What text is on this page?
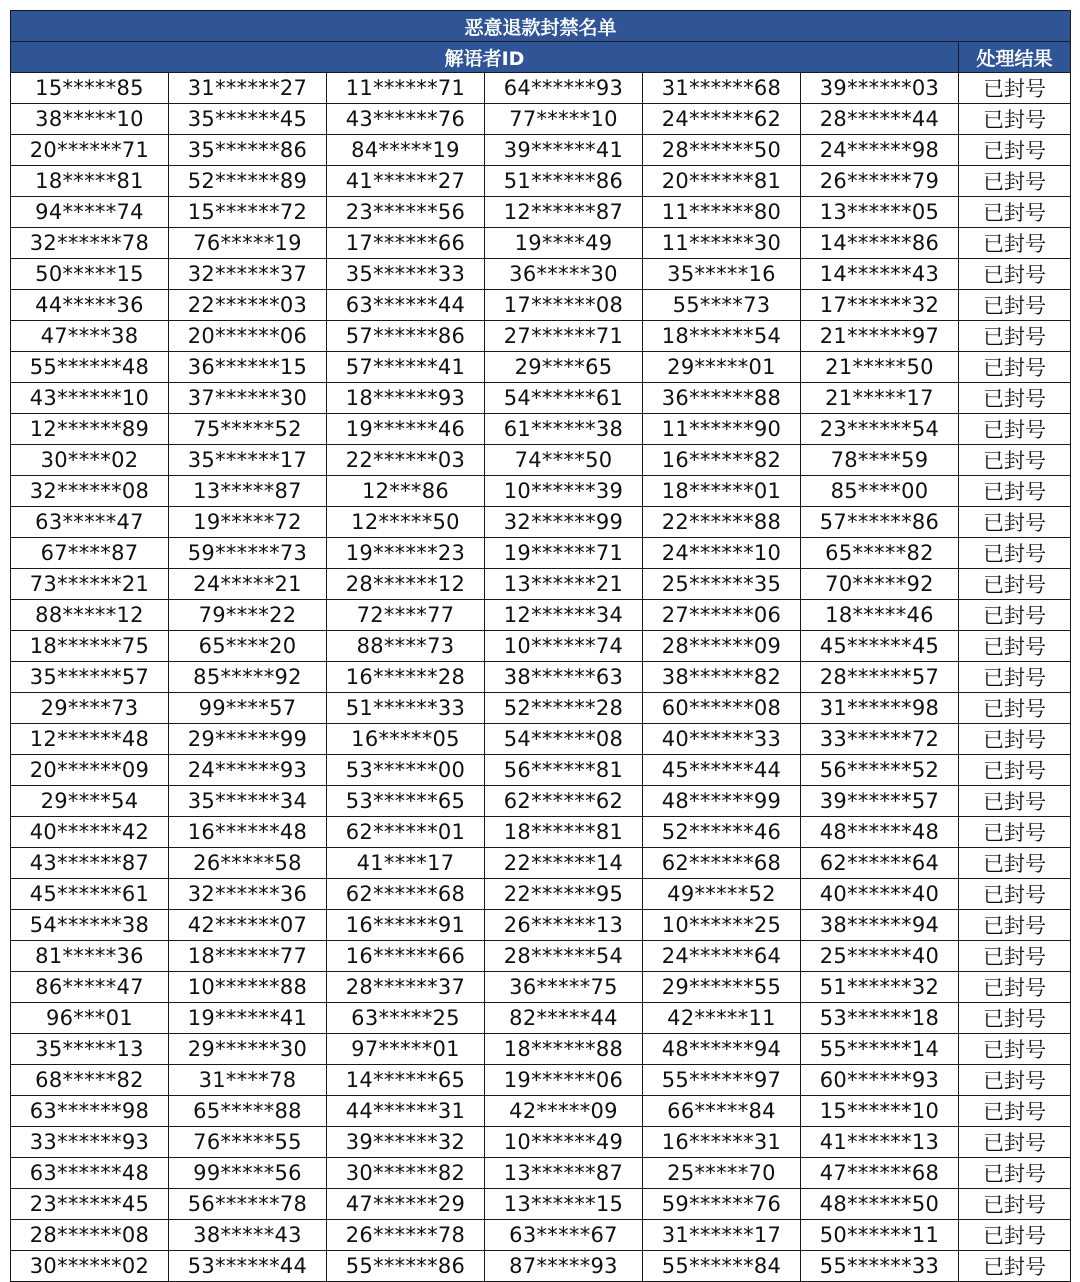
恶意退款封禁名单						
解语者ID						处理结果
15*****85	31******27	11******71	64******93	31******68	39******03	已封号
38*****10	35******45	43******76	77*****10	24******62	28******44	已封号
20******71	35******86	84*****19	39******41	28******50	24******98	已封号
18*****81	52******89	41******27	51******86	20******81	26******79	已封号
94*****74	15******72	23******56	12******87	11******80	13******05	已封号
32******78	76*****19	17******66	19****49	11******30	14******86	已封号
50*****15	32******37	35******33	36*****30	35*****16	14******43	已封号
44*****36	22******03	63******44	17******08	55****73	17******32	已封号
47****38	20******06	57******86	27******71	18******54	21******97	已封号
55******48	36******15	57******41	29****65	29*****01	21*****50	已封号
43******10	37******30	18******93	54******61	36******88	21*****17	已封号
12******89	75*****52	19******46	61******38	11******90	23******54	已封号
30****02	35******17	22******03	74****50	16******82	78****59	已封号
32******08	13*****87	12***86	10******39	18******01	85****00	已封号
63*****47	19*****72	12*****50	32******99	22******88	57******86	已封号
67****87	59******73	19******23	19******71	24******10	65*****82	已封号
73******21	24*****21	28******12	13******21	25******35	70*****92	已封号
88*****12	79****22	72****77	12******34	27******06	18*****46	已封号
18******75	65****20	88****73	10******74	28******09	45******45	已封号
35******57	85*****92	16******28	38******63	38******82	28******57	已封号
29****73	99****57	51******33	52******28	60******08	31******98	已封号
12******48	29******99	16*****05	54******08	40******33	33******72	已封号
20******09	24******93	53******00	56******81	45******44	56******52	已封号
29****54	35******34	53******65	62******62	48******99	39******57	已封号
40******42	16******48	62******01	18******81	52******46	48******48	已封号
43******87	26*****58	41****17	22******14	62******68	62******64	已封号
45******61	32******36	62******68	22******95	49*****52	40******40	已封号
54******38	42******07	16******91	26******13	10******25	38******94	已封号
81*****36	18******77	16******66	28******54	24******64	25******40	已封号
86*****47	10******88	28******37	36*****75	29******55	51******32	已封号
96***01	19******41	63*****25	82*****44	42*****11	53******18	已封号
35*****13	29******30	97*****01	18******88	48******94	55******14	已封号
68*****82	31****78	14******65	19******06	55******97	60******93	已封号
63******98	65*****88	44******31	42*****09	66*****84	15******10	已封号
33******93	76*****55	39******32	10******49	16******31	41******13	已封号
63******48	99*****56	30******82	13******87	25*****70	47******68	已封号
23******45	56******78	47******29	13******15	59******76	48******50	已封号
28******08	38*****43	26******78	63*****67	31******17	50******11	已封号
30******02	53******44	55******86	87*****93	55******84	55******33	已封号
